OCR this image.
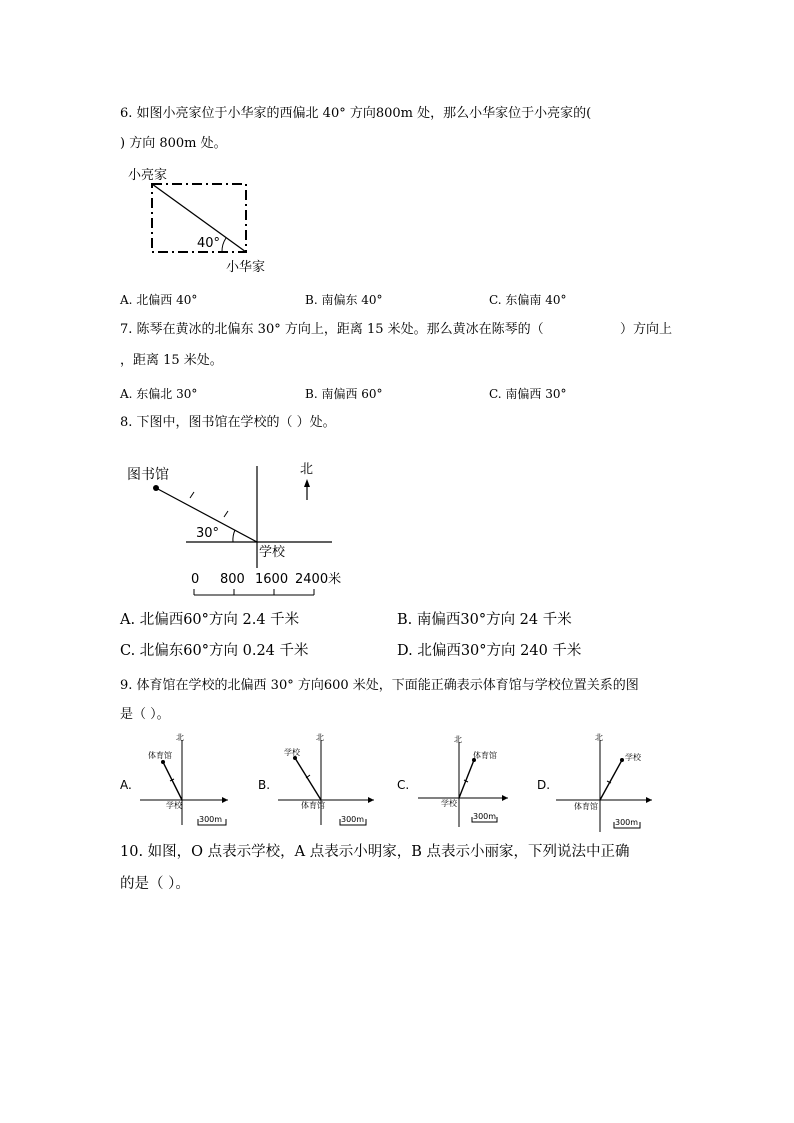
6. 如图小亮家位于小华家的西偏北 40° 方向800m 处，那么小华家位于小亮家的(
) 方向 800m 处。
小亮家
40°
小华家
A. 北偏西 40°	B. 南偏东 40°	C. 东偏南 40°
7. 陈琴在黄冰的北偏东 30° 方向上，距离 15 米处。那么黄冰在陈琴的（	）方向上
，距离 15 米处。
A. 东偏北 30°	B. 南偏西 60°	C. 南偏西 30°
8. 下图中，图书馆在学校的（ ）处。
图书馆
30°
学校
北
0 800 1600 2400米
A. 北偏西60°方向 2.4 千米	B. 南偏西30°方向 24 千米
C. 北偏东60°方向 0.24 千米	D. 北偏西30°方向 240 千米
9. 体育馆在学校的北偏西 30° 方向600 米处，下面能正确表示体育馆与学校位置关系的图
是（ ）。
A.
北
体育馆
学校
300m
B.
北
学校
体育馆
300m
C.
北
体育馆
学校
300m
D.
北
学校
体育馆
300m
10. 如图，O 点表示学校，A 点表示小明家，B 点表示小丽家，下列说法中正确
的是（ ）。
